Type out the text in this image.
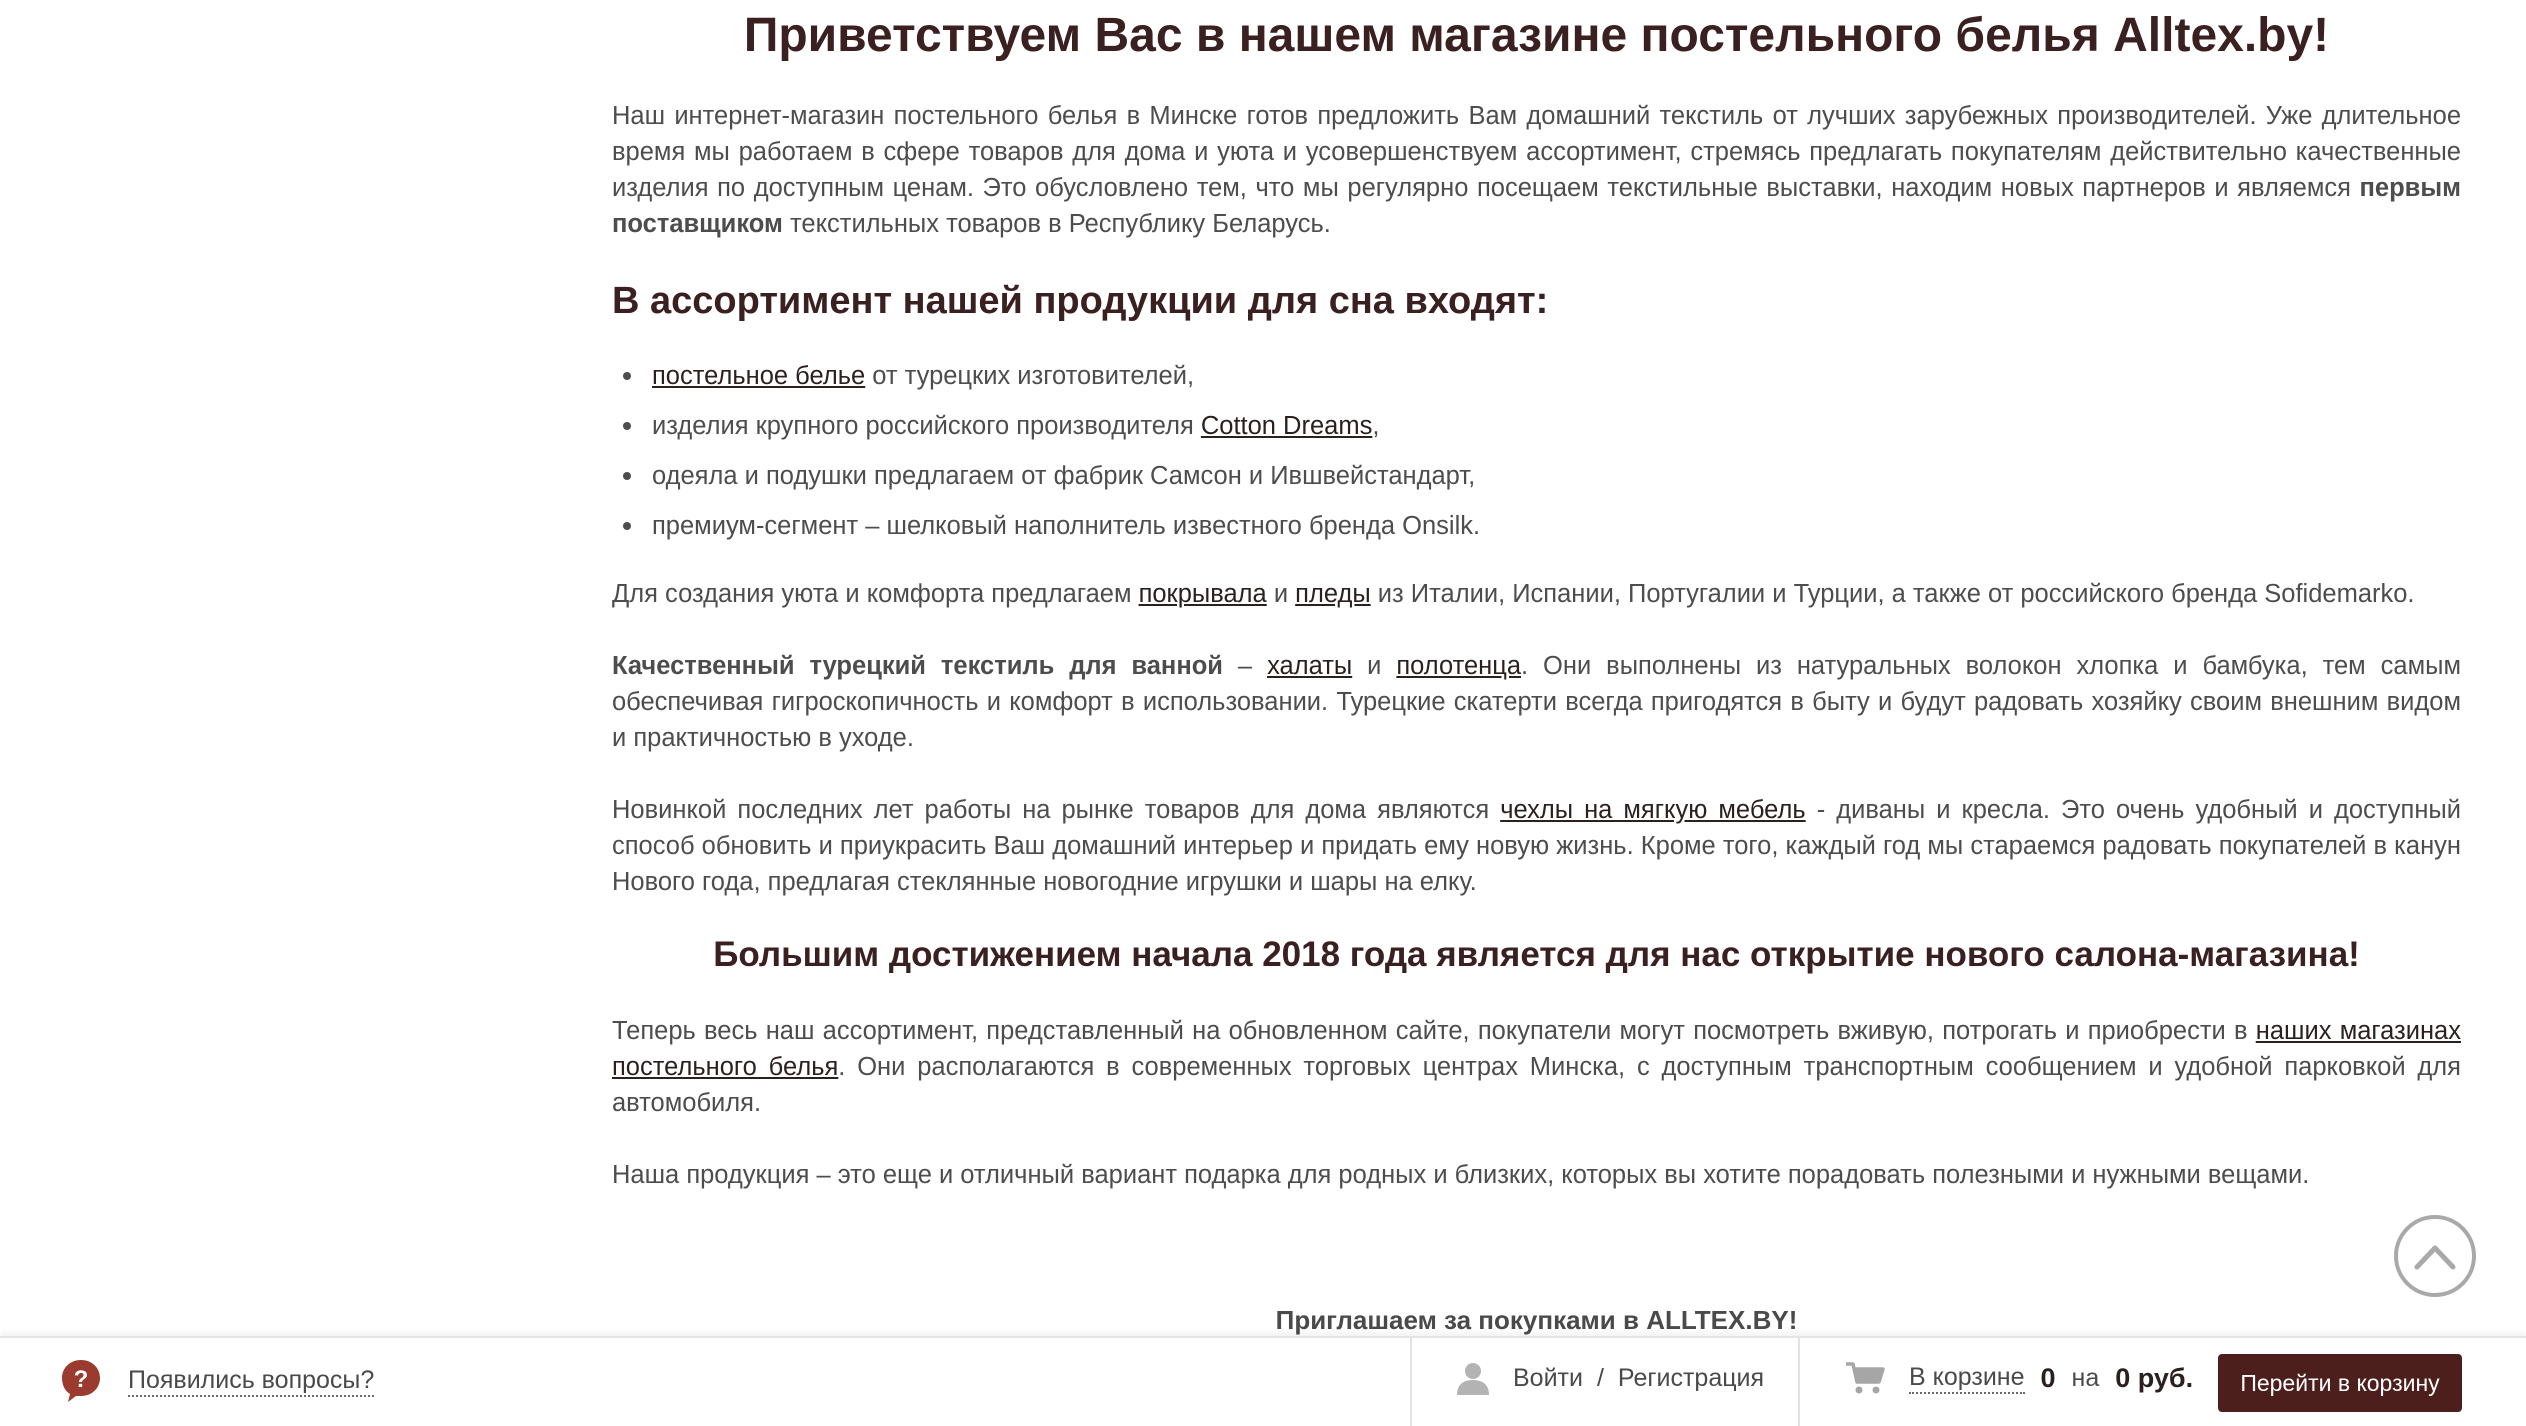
Приветствуем Вас в нашем магазине постельного белья Alltex.by!

Наш интернет-магазин постельного белья в Минске готов предложить Вам домашний текстиль от лучших зарубежных производителей. Уже длительное время мы работаем в сфере товаров для дома и уюта и усовершенствуем ассортимент, стремясь предлагать покупателям действительно качественные изделия по доступным ценам. Это обусловлено тем, что мы регулярно посещаем текстильные выставки, находим новых партнеров и являемся первым поставщиком текстильных товаров в Республику Беларусь.

В ассортимент нашей продукции для сна входят:
постельное белье от турецких изготовителей,
изделия крупного российского производителя Cotton Dreams,
одеяла и подушки предлагаем от фабрик Самсон и Ившвейстандарт,
премиум-сегмент – шелковый наполнитель известного бренда Onsilk.

Для создания уюта и комфорта предлагаем покрывала и пледы из Италии, Испании, Португалии и Турции, а также от российского бренда Sofidemarko.

Качественный турецкий текстиль для ванной – халаты и полотенца. Они выполнены из натуральных волокон хлопка и бамбука, тем самым обеспечивая гигроскопичность и комфорт в использовании. Турецкие скатерти всегда пригодятся в быту и будут радовать хозяйку своим внешним видом и практичностью в уходе.

Новинкой последних лет работы на рынке товаров для дома являются чехлы на мягкую мебель - диваны и кресла. Это очень удобный и доступный способ обновить и приукрасить Ваш домашний интерьер и придать ему новую жизнь. Кроме того, каждый год мы стараемся радовать покупателей в канун Нового года, предлагая стеклянные новогодние игрушки и шары на елку.

Большим достижением начала 2018 года является для нас открытие нового салона-магазина!

Теперь весь наш ассортимент, представленный на обновленном сайте, покупатели могут посмотреть вживую, потрогать и приобрести в наших магазинах постельного белья. Они располагаются в современных торговых центрах Минска, с доступным транспортным сообщением и удобной парковкой для автомобиля.

Наша продукция – это еще и отличный вариант подарка для родных и близких, которых вы хотите порадовать полезными и нужными вещами.

Приглашаем за покупками в ALLTEX.BY!
? Появились вопросы?	Войти / Регистрация	В корзине 0 на 0 руб.	Перейти в корзину
